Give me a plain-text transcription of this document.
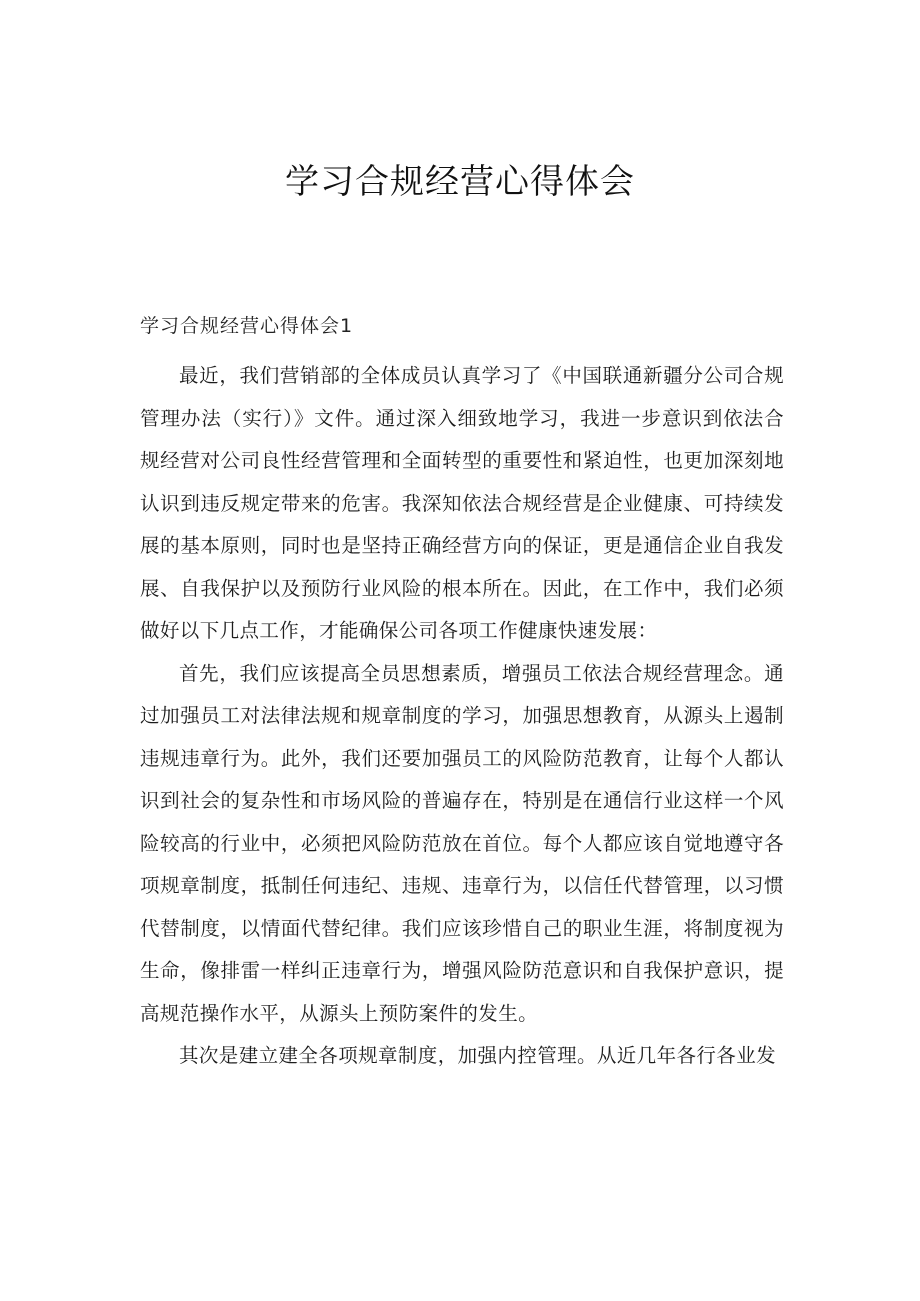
学习合规经营心得体会

学习合规经营心得体会1

最近，我们营销部的全体成员认真学习了《中国联通新疆分公司合规管理办法（实行）》文件。通过深入细致地学习，我进一步意识到依法合规经营对公司良性经营管理和全面转型的重要性和紧迫性，也更加深刻地认识到违反规定带来的危害。我深知依法合规经营是企业健康、可持续发展的基本原则，同时也是坚持正确经营方向的保证，更是通信企业自我发展、自我保护以及预防行业风险的根本所在。因此，在工作中，我们必须做好以下几点工作，才能确保公司各项工作健康快速发展：

首先，我们应该提高全员思想素质，增强员工依法合规经营理念。通过加强员工对法律法规和规章制度的学习，加强思想教育，从源头上遏制违规违章行为。此外，我们还要加强员工的风险防范教育，让每个人都认识到社会的复杂性和市场风险的普遍存在，特别是在通信行业这样一个风险较高的行业中，必须把风险防范放在首位。每个人都应该自觉地遵守各项规章制度，抵制任何违纪、违规、违章行为，以信任代替管理，以习惯代替制度，以情面代替纪律。我们应该珍惜自己的职业生涯，将制度视为生命，像排雷一样纠正违章行为，增强风险防范意识和自我保护意识，提高规范操作水平，从源头上预防案件的发生。

其次是建立建全各项规章制度，加强内控管理。从近几年各行各业发
